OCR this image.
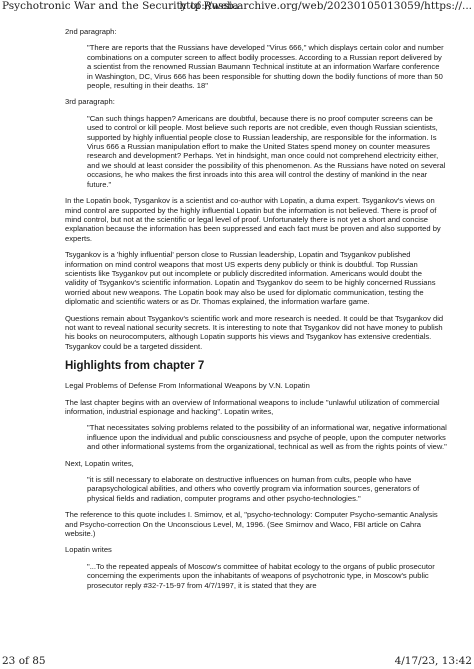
Psychotronic War and the Security of Russia
http://web.archive.org/web/20230105013059/https://...

2nd paragraph:

"There are reports that the Russians have developed "Virus 666," which displays certain color and number combinations on a computer screen to affect bodily processes. According to a Russian report delivered by a scientist from the renowned Russian Baumann Technical institute at an information Warfare conference in Washington, DC, Virus 666 has been responsible for shutting down the bodily functions of more than 50 people, resulting in their deaths. 18"

3rd paragraph:

"Can such things happen? Americans are doubtful, because there is no proof computer screens can be used to control or kill people. Most believe such reports are not credible, even though Russian scientists, supported by highly influential people close to Russian leadership, are responsible for the information. Is Virus 666 a Russian manipulation effort to make the United States spend money on counter measures research and development? Perhaps. Yet in hindsight, man once could not comprehend electricity either, and we should at least consider the possibility of this phenomenon. As the Russians have noted on several occasions, he who makes the first inroads into this area will control the destiny of mankind in the near future."

In the Lopatin book, Tysgankov is a scientist and co-author with Lopatin, a duma expert. Tsygankov's views on mind control are supported by the highly influential Lopatin but the information is not believed. There is proof of mind control, but not at the scientific or legal level of proof. Unfortunately there is not yet a short and concise explanation because the information has been suppressed and each fact must be proven and also supported by experts.

Tsygankov is a 'highly influential' person close to Russian leadership, Lopatin and Tsygankov published information on mind control weapons that most US experts deny publicly or think is doubtful. Top Russian scientists like Tsygankov put out incomplete or publicly discredited information. Americans would doubt the validity of Tsygankov's scientific information. Lopatin and Tsygankov do seem to be highly concerned Russians worried about new weapons. The Lopatin book may also be used for diplomatic communication, testing the diplomatic and scientific waters or as Dr. Thomas explained, the information warfare game.

Questions remain about Tsygankov's scientific work and more research is needed. It could be that Tsygankov did not want to reveal national security secrets. It is interesting to note that Tsygankov did not have money to publish his books on neurocomputers, although Lopatin supports his views and Tsygankov has extensive credentials. Tsygankov could be a targeted dissident.

Highlights from chapter 7

Legal Problems of Defense From Informational Weapons by V.N. Lopatin

The last chapter begins with an overview of Informational weapons to include "unlawful utilization of commercial information, industrial espionage and hacking". Lopatin writes,

"That necessitates solving problems related to the possibility of an informational war, negative informational influence upon the individual and public consciousness and psyche of people, upon the computer networks and other informational systems from the organizational, technical as well as from the rights points of view."

Next, Lopatin writes,

"it is still necessary to elaborate on destructive influences on human from cults, people who have parapsychological abilities, and others who covertly program via information sources, generators of physical fields and radiation, computer programs and other psycho-technologies."

The reference to this quote includes I. Smirnov, et al, "psycho-technology: Computer Psycho-semantic Analysis and Psycho-correction On the Unconscious Level, M, 1996. (See Smirnov and Waco, FBI article on Cahra website.)

Lopatin writes

"...To the repeated appeals of Moscow's committee of habitat ecology to the organs of public prosecutor concerning the experiments upon the inhabitants of weapons of psychotronic type, in Moscow's public prosecutor reply #32-7-15-97 from 4/7/1997, it is stated that they are
23 of 85	4/17/23, 13:42
